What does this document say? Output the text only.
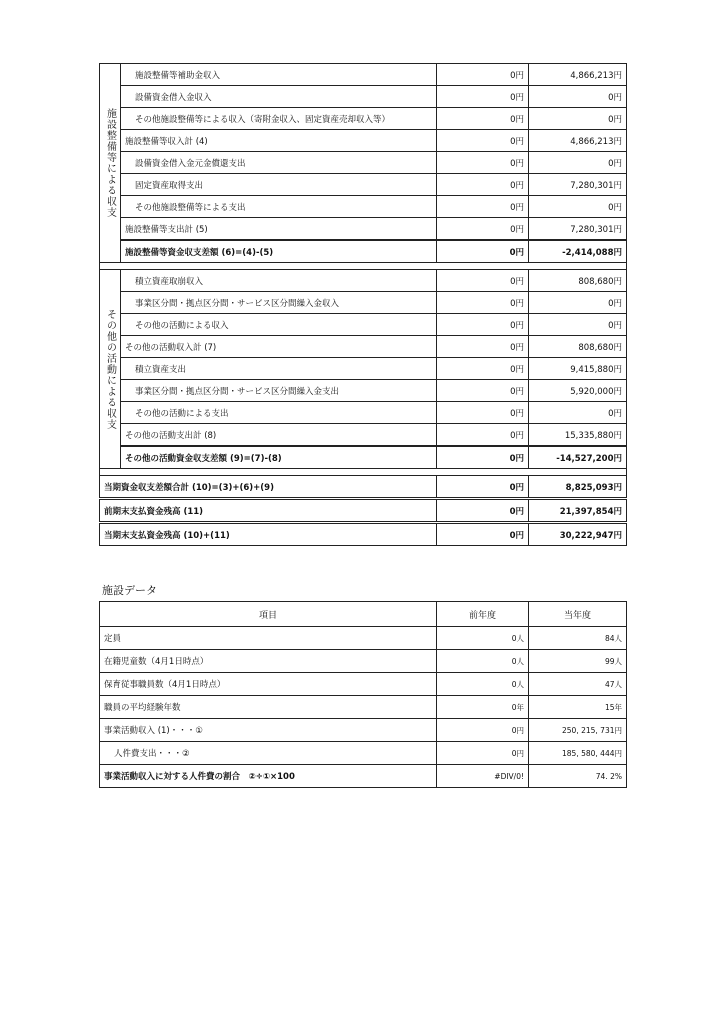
施設整備等による収支	施設整備等補助金収入	0円	4,866,213円
	設備資金借入金収入	0円	0円
	その他施設整備等による収入（寄附金収入、固定資産売却収入等）	0円	0円
	施設整備等収入計 (4)	0円	4,866,213円
	設備資金借入金元金償還支出	0円	0円
	固定資産取得支出	0円	7,280,301円
	その他施設整備等による支出	0円	0円
	施設整備等支出計 (5)	0円	7,280,301円
	施設整備等資金収支差額 (6)=(4)-(5)	0円	-2,414,088円

その他の活動による収支	積立資産取崩収入	0円	808,680円
	事業区分間・拠点区分間・サービス区分間繰入金収入	0円	0円
	その他の活動による収入	0円	0円
	その他の活動収入計 (7)	0円	808,680円
	積立資産支出	0円	9,415,880円
	事業区分間・拠点区分間・サービス区分間繰入金支出	0円	5,920,000円
	その他の活動による支出	0円	0円
	その他の活動支出計 (8)	0円	15,335,880円
	その他の活動資金収支差額 (9)=(7)-(8)	0円	-14,527,200円

当期資金収支差額合計 (10)=(3)+(6)+(9)		0円	8,825,093円
前期末支払資金残高 (11)		0円	21,397,854円
当期末支払資金残高 (10)+(11)		0円	30,222,947円
施設データ
項目	前年度	当年度
定員	0人	84人
在籍児童数（4月1日時点）	0人	99人
保育従事職員数（4月1日時点）	0人	47人
職員の平均経験年数	0年	15年
事業活動収入 (1)・・・①	0円	250, 215, 731円
人件費支出・・・②	0円	185, 580, 444円
事業活動収入に対する人件費の割合　②÷①×100	#DIV/0!	74. 2%
